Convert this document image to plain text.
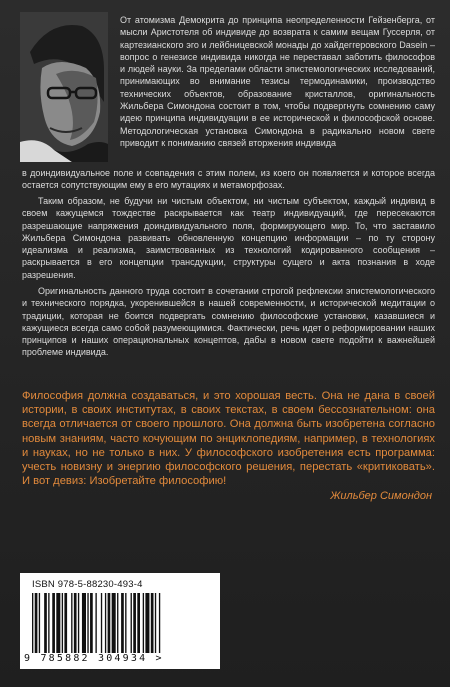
От атомизма Демокрита до принципа неопределенности Гейзенберга, от мысли Аристотеля об индивиде до возврата к самим вещам Гуссерля, от картезианского эго и лейбницевской монады до хайдеггеровского Dasein – вопрос о генезисе индивида никогда не переставал заботить философов и людей науки. За пределами области эпистемологических исследований, принимающих во внимание тезисы термодинамики, производство технических объектов, образование кристаллов, оригинальность Жильбера Симондона состоит в том, чтобы подвергнуть сомнению саму идею принципа индивидуации в ее исторической и философской основе. Методологическая установка Симондона в радикально новом свете приводит к пониманию связей вторжения индивида

в доиндивидуальное поле и совпадения с этим полем, из коего он появляется и которое всегда остается сопутствующим ему в его мутациях и метаморфозах.

Таким образом, не будучи ни чистым объектом, ни чистым субъектом, каждый индивид в своем кажущемся тождестве раскрывается как театр индивидуаций, где пересекаются разрешающие напряжения доиндивидуального поля, формирующего мир. То, что заставило Жильбера Симондона развивать обновленную концепцию информации – по ту сторону идеализма и реализма, заимствованных из технологий кодированного сообщения – раскрывается в его концепции трансдукции, структуры сущего и акта познания в ходе разрешения.

Оригинальность данного труда состоит в сочетании строгой рефлексии эпистемологического и технического порядка, укоренившейся в нашей современности, и исторической медитации о традиции, которая не боится подвергать сомнению философские установки, казавшиеся и кажущиеся всегда само собой разумеющимися. Фактически, речь идет о реформировании наших принципов и наших операциональных концептов, дабы в новом свете подойти к важнейшей проблеме индивида.

Философия должна создаваться, и это хорошая весть. Она не дана в своей истории, в своих институтах, в своих текстах, в своем бессознательном: она всегда отличается от своего прошлого. Она должна быть изобретена согласно новым знаниям, часто кочующим по энциклопедиям, например, в технологиях и науках, но не только в них. У философского изобретения есть программа: учесть новизну и энергию философского решения, перестать «критиковать». И вот девиз: Изобретайте философию!

Жильбер Симондон
ISBN 978-5-88230-493-4
9 785882 304934 >
